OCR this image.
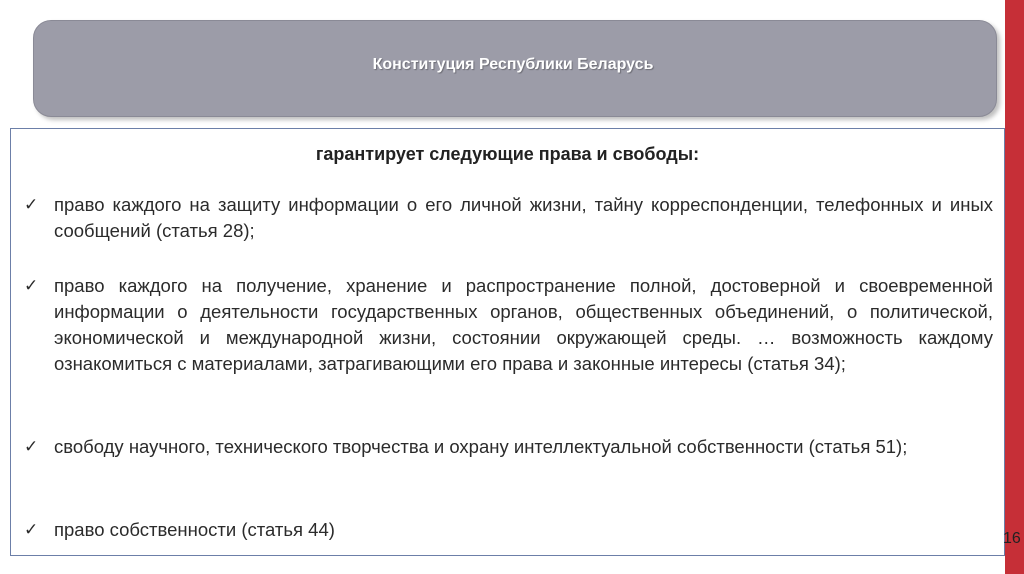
Конституция Республики Беларусь
гарантирует следующие права и свободы:
✓ право каждого на защиту информации о его личной жизни, тайну корреспонденции, телефонных и иных сообщений (статья 28);
✓ право каждого на получение, хранение и распространение полной, достоверной и своевременной информации о деятельности государственных органов, общественных объединений, о политической, экономической и международной жизни, состоянии окружающей среды. … возможность каждому ознакомиться с материалами, затрагивающими его права и законные интересы (статья 34);
✓ свободу научного, технического творчества и охрану интеллектуальной собственности (статья 51);
✓ право собственности (статья 44)	16
